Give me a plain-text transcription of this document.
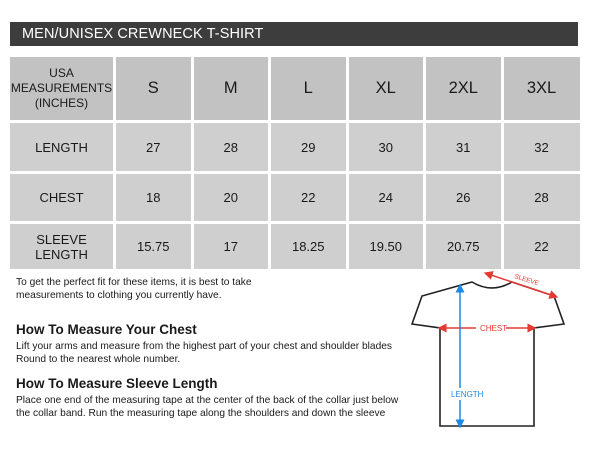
MEN/UNISEX CREWNECK T-SHIRT
USA
MEASUREMENTS
(INCHES)
S	M	L	XL	2XL	3XL
LENGTH	27	28	29	30	31	32
CHEST	18	20	22	24	26	28
SLEEVE
LENGTH	15.75	17	18.25	19.50	20.75	22
To get the perfect fit for these items, it is best to take
measurements to clothing you currently have.
How To Measure Your Chest
Lift your arms and measure from the highest part of your chest and shoulder blades
Round to the nearest whole number.
How To Measure Sleeve Length
Place one end of the measuring tape at the center of the back of the collar just below
the collar band. Run the measuring tape along the shoulders and down the sleeve
SLEEVE
CHEST
LENGTH
